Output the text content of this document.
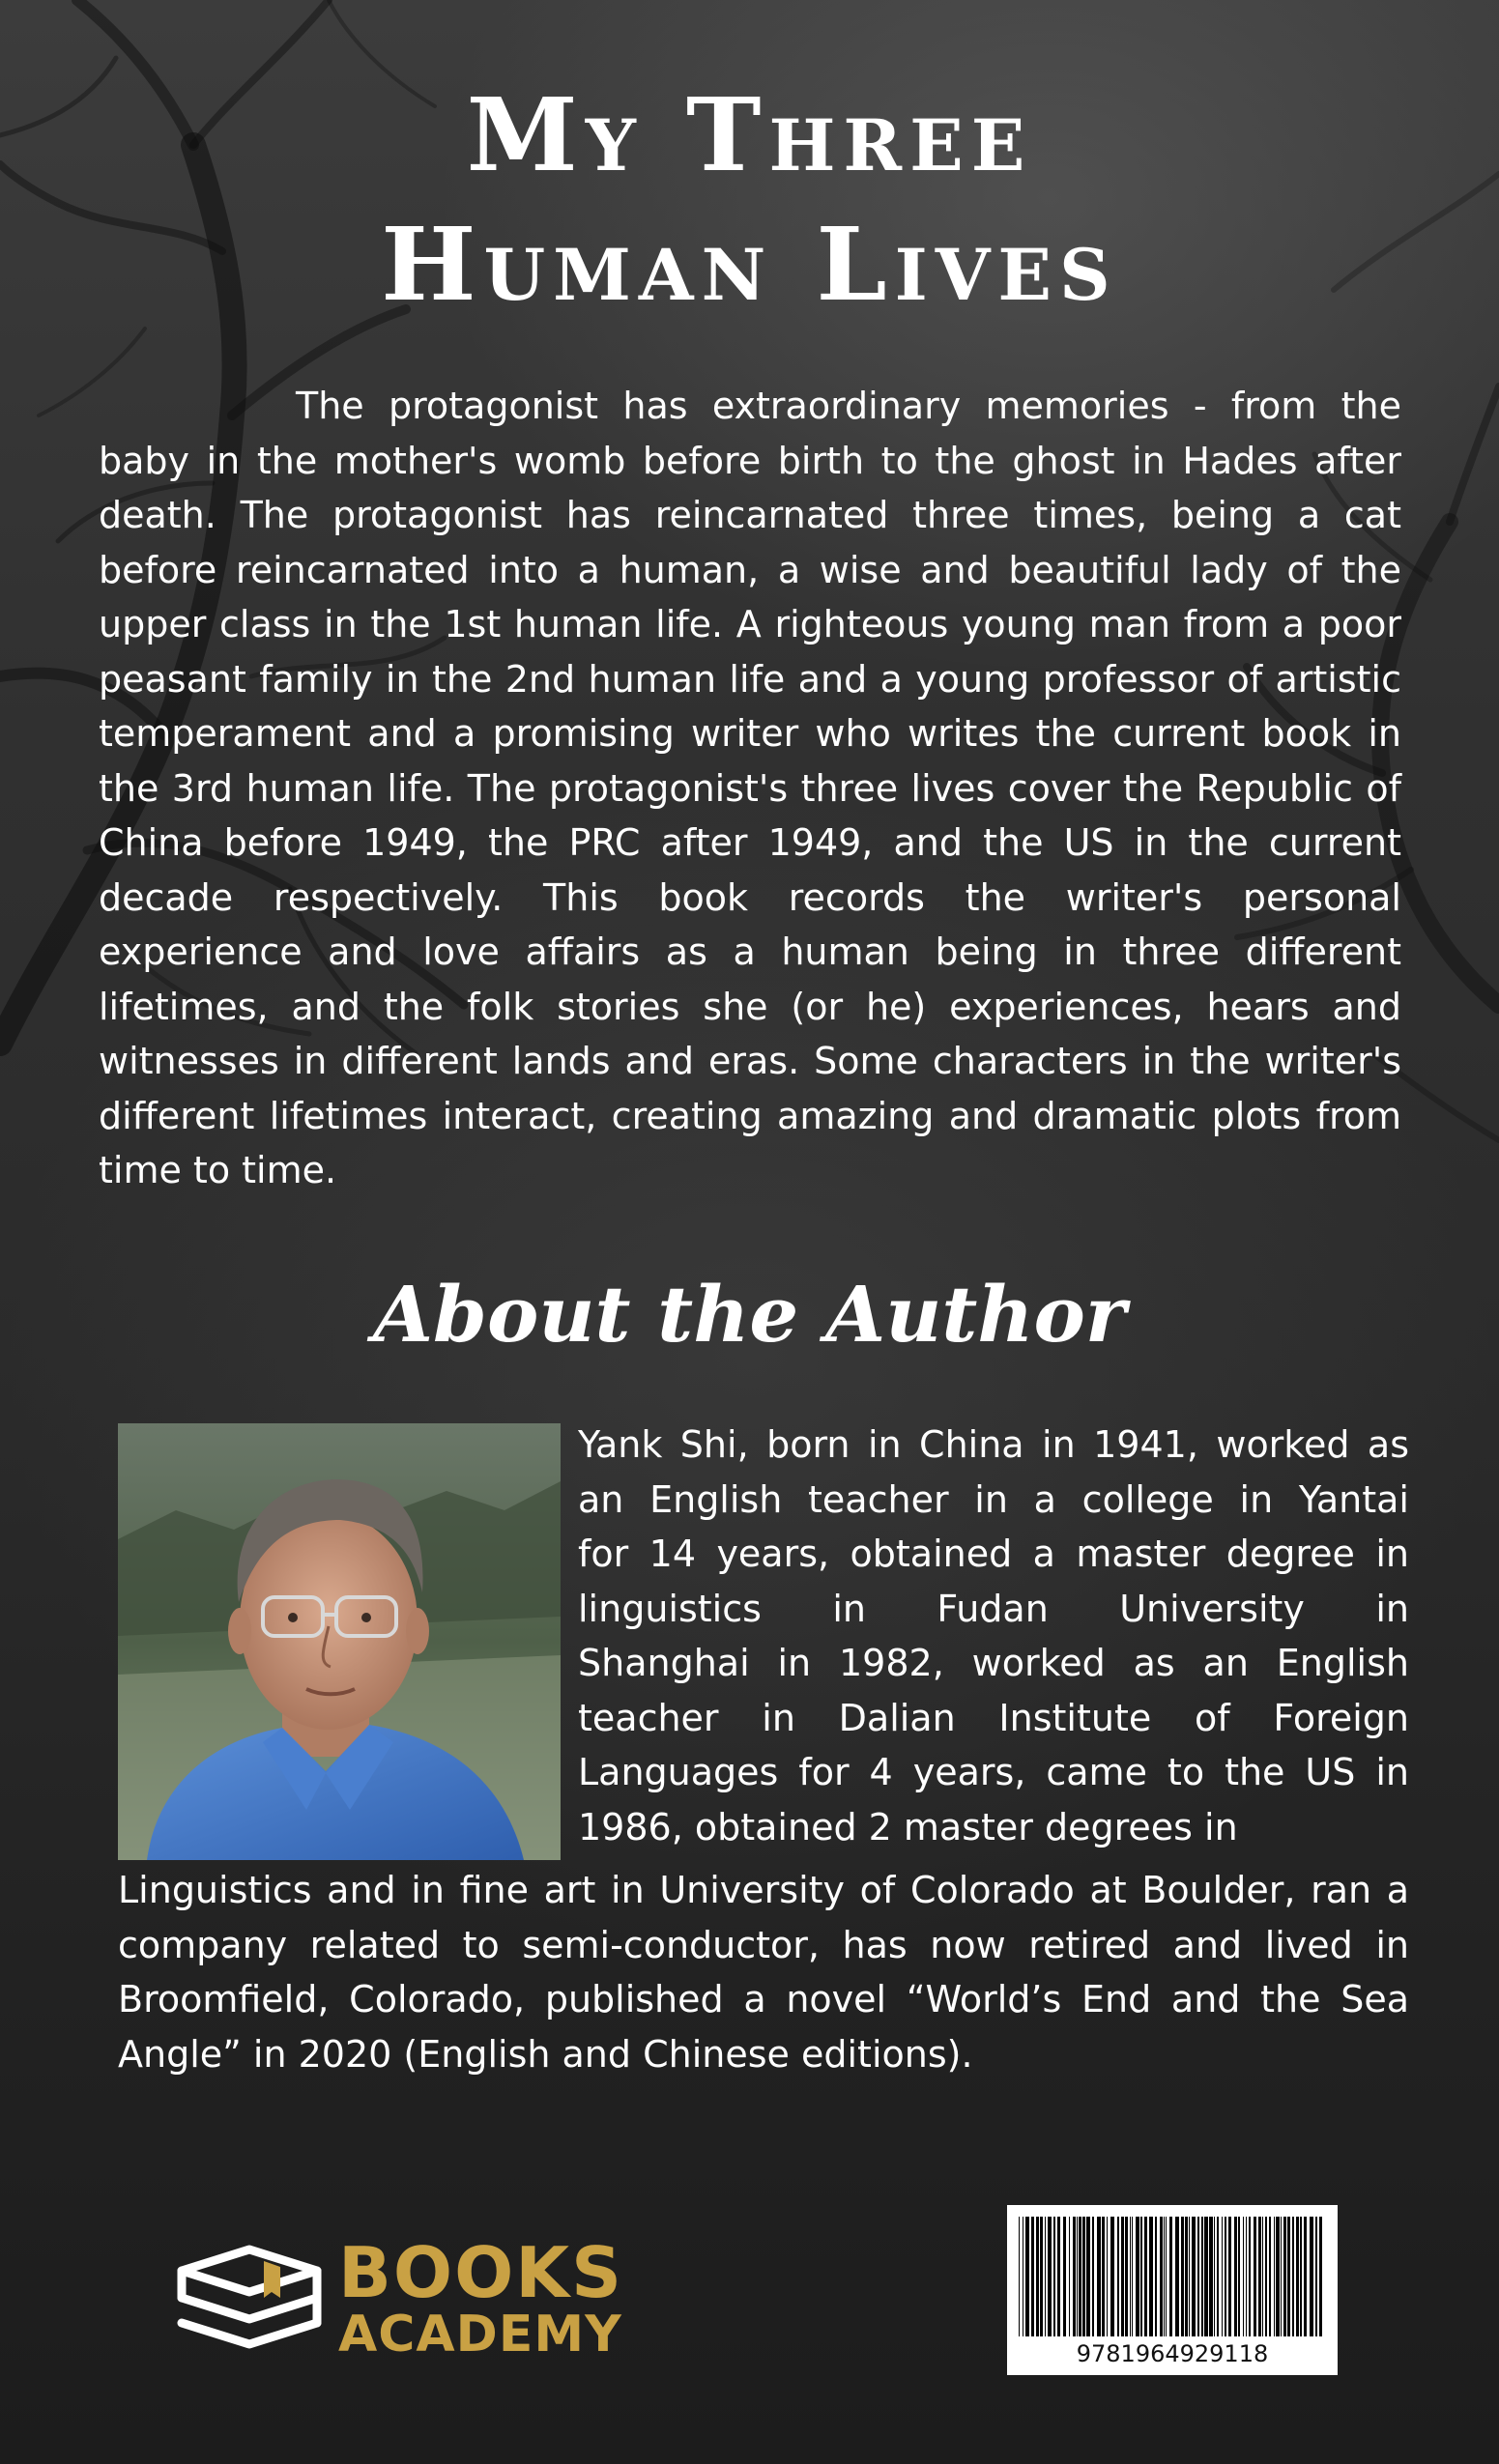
My Three
Human Lives

The protagonist has extraordinary memories - from the baby in the mother's womb before birth to the ghost in Hades after death. The protagonist has reincarnated three times, being a cat before reincarnated into a human, a wise and beautiful lady of the upper class in the 1st human life. A righteous young man from a poor peasant family in the 2nd human life and a young professor of artistic temperament and a promising writer who writes the current book in the 3rd human life. The protagonist's three lives cover the Republic of China before 1949, the PRC after 1949, and the US in the current decade respectively. This book records the writer's personal experience and love affairs as a human being in three different lifetimes, and the folk stories she (or he) experiences, hears and witnesses in different lands and eras. Some characters in the writer's different lifetimes interact, creating amazing and dramatic plots from time to time.

About the Author

Yank Shi, born in China in 1941, worked as
an English teacher in a college in Yantai
for 14 years, obtained a master degree in
linguistics in Fudan University in
Shanghai in 1982, worked as an English
teacher in Dalian Institute of Foreign
Languages for 4 years, came to the US in
1986, obtained 2 master degrees in

Linguistics and in fine art in University of Colorado at Boulder, ran a company related to semi-conductor, has now retired and lived in Broomfield, Colorado, published a novel “World’s End and the Sea Angle” in 2020 (English and Chinese editions).

BOOKS

ACADEMY	9781964929118
